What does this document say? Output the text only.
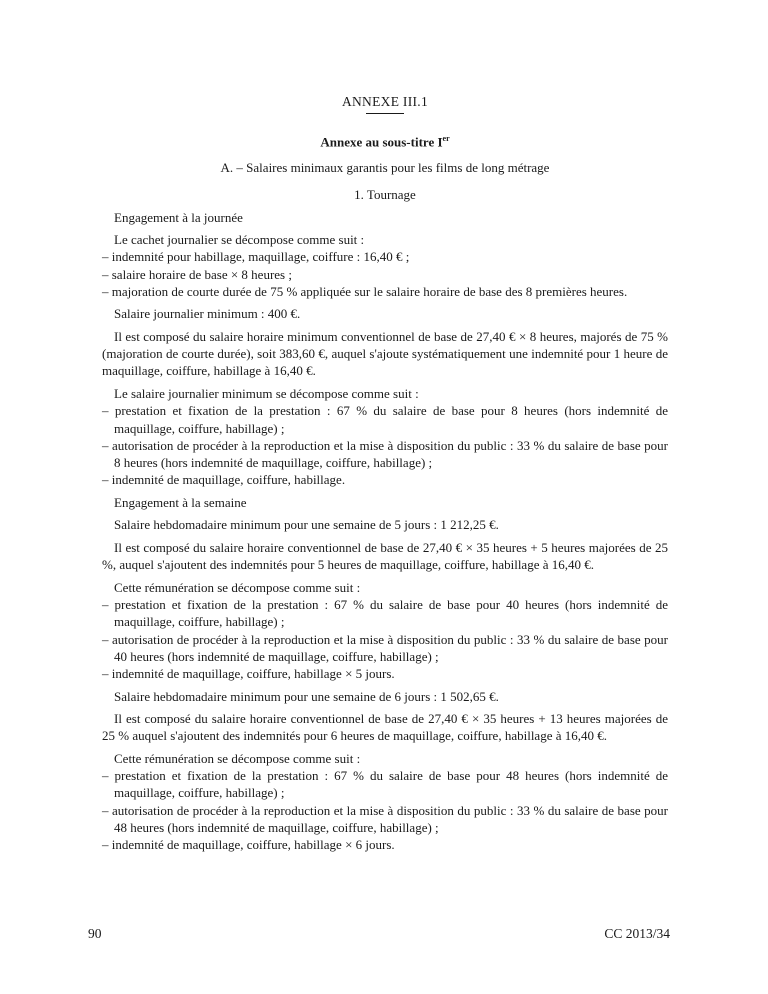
ANNEXE III.1

Annexe au sous-titre Ier
A. – Salaires minimaux garantis pour les films de long métrage
1. Tournage
Engagement à la journée
Le cachet journalier se décompose comme suit :
– indemnité pour habillage, maquillage, coiffure : 16,40 € ;
– salaire horaire de base × 8 heures ;
– majoration de courte durée de 75 % appliquée sur le salaire horaire de base des 8 premières heures.
Salaire journalier minimum : 400 €.
Il est composé du salaire horaire minimum conventionnel de base de 27,40 € × 8 heures, majorés de 75 % (majoration de courte durée), soit 383,60 €, auquel s'ajoute systématiquement une indemnité pour 1 heure de maquillage, coiffure, habillage à 16,40 €.
Le salaire journalier minimum se décompose comme suit :
– prestation et fixation de la prestation : 67 % du salaire de base pour 8 heures (hors indemnité de maquillage, coiffure, habillage) ;
– autorisation de procéder à la reproduction et la mise à disposition du public : 33 % du salaire de base pour 8 heures (hors indemnité de maquillage, coiffure, habillage) ;
– indemnité de maquillage, coiffure, habillage.
Engagement à la semaine
Salaire hebdomadaire minimum pour une semaine de 5 jours : 1 212,25 €.
Il est composé du salaire horaire conventionnel de base de 27,40 € × 35 heures + 5 heures majorées de 25 %, auquel s'ajoutent des indemnités pour 5 heures de maquillage, coiffure, habillage à 16,40 €.
Cette rémunération se décompose comme suit :
– prestation et fixation de la prestation : 67 % du salaire de base pour 40 heures (hors indemnité de maquillage, coiffure, habillage) ;
– autorisation de procéder à la reproduction et la mise à disposition du public : 33 % du salaire de base pour 40 heures (hors indemnité de maquillage, coiffure, habillage) ;
– indemnité de maquillage, coiffure, habillage × 5 jours.
Salaire hebdomadaire minimum pour une semaine de 6 jours : 1 502,65 €.
Il est composé du salaire horaire conventionnel de base de 27,40 € × 35 heures + 13 heures majorées de 25 % auquel s'ajoutent des indemnités pour 6 heures de maquillage, coiffure, habillage à 16,40 €.
Cette rémunération se décompose comme suit :
– prestation et fixation de la prestation : 67 % du salaire de base pour 48 heures (hors indemnité de maquillage, coiffure, habillage) ;
– autorisation de procéder à la reproduction et la mise à disposition du public : 33 % du salaire de base pour 48 heures (hors indemnité de maquillage, coiffure, habillage) ;
– indemnité de maquillage, coiffure, habillage × 6 jours.
90	CC 2013/34
